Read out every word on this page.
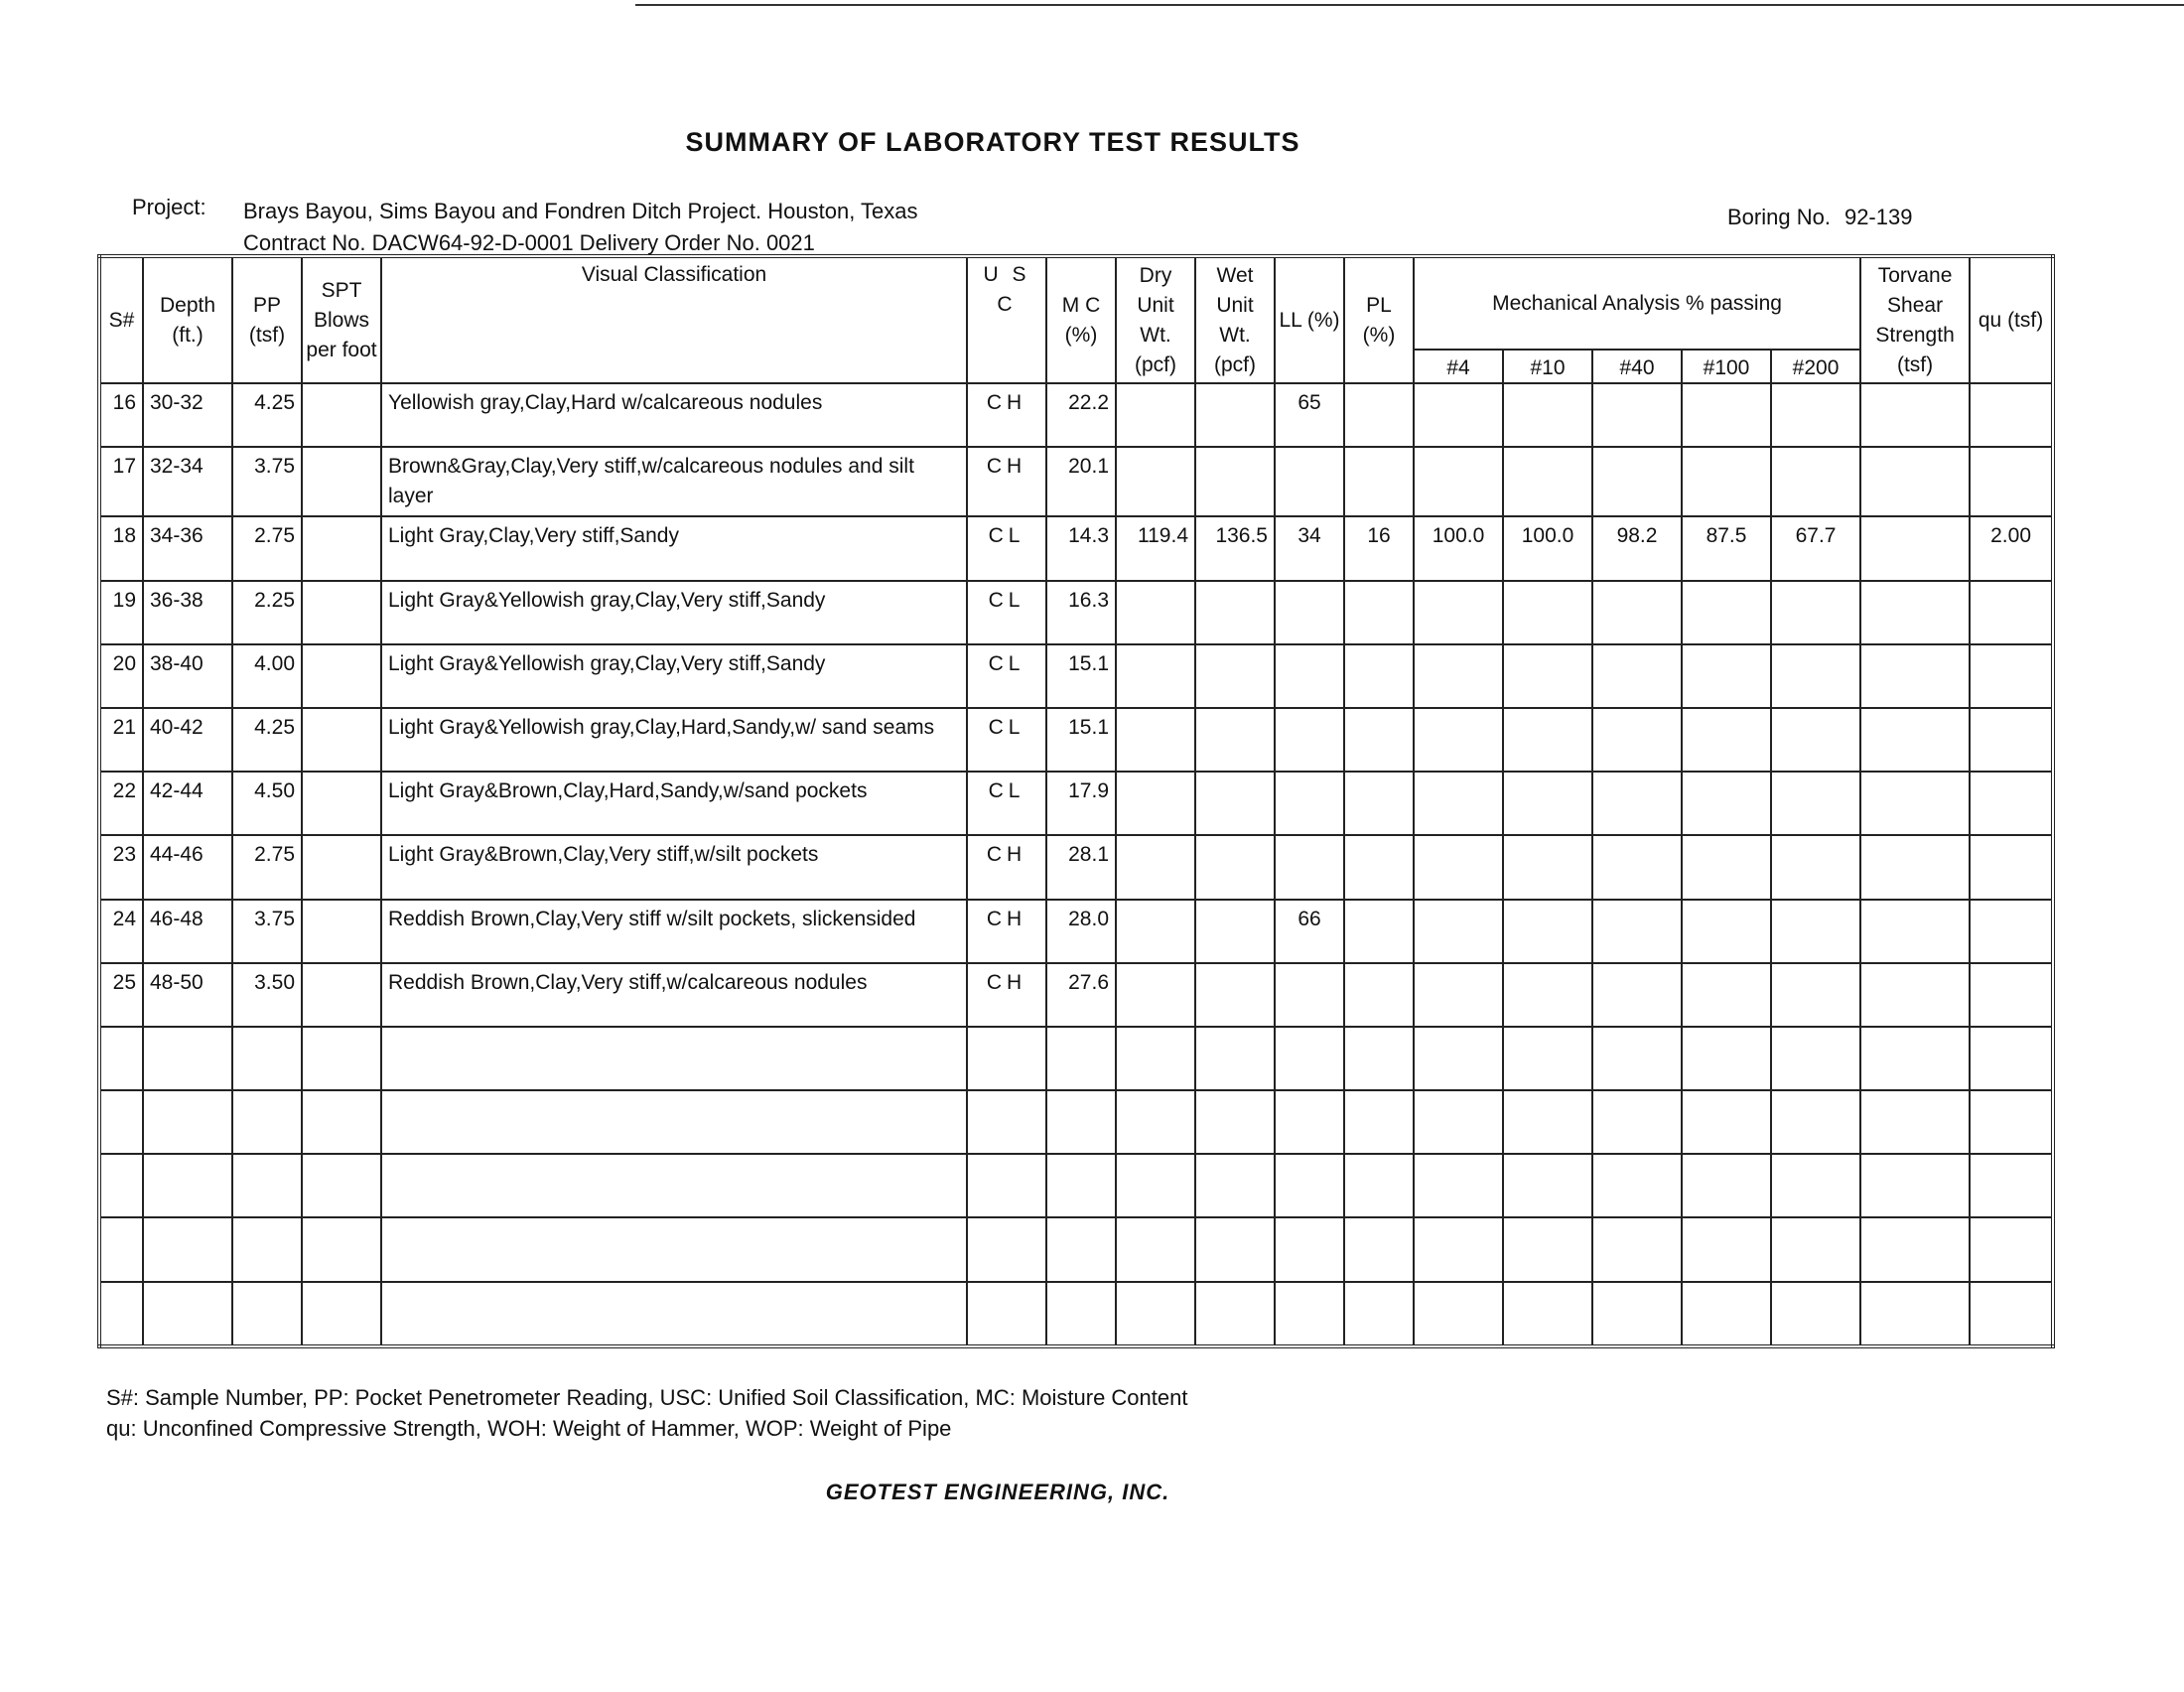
SUMMARY OF LABORATORY TEST RESULTS
Project: Brays Bayou, Sims Bayou and Fondren Ditch Project. Houston, Texas
Contract No. DACW64-92-D-0001 Delivery Order No. 0021
Boring No. 92-139
S#	Depth (ft.)	PP (tsf)	SPT Blows per foot	Visual Classification	U S C	M C (%)	Dry Unit Wt. (pcf)	Wet Unit Wt. (pcf)	LL (%)	PL (%)	Mechanical Analysis % passing					Torvane Shear Strength (tsf)	qu (tsf)
											#4	#10	#40	#100	#200		
16	30-32	4.25		Yellowish gray,Clay,Hard w/calcareous nodules	CH	22.2			65								
17	32-34	3.75		Brown&Gray,Clay,Very stiff,w/calcareous nodules and silt layer	CH	20.1											
18	34-36	2.75		Light Gray,Clay,Very stiff,Sandy	CL	14.3	119.4	136.5	34	16	100.0	100.0	98.2	87.5	67.7		2.00
19	36-38	2.25		Light Gray&Yellowish gray,Clay,Very stiff,Sandy	CL	16.3											
20	38-40	4.00		Light Gray&Yellowish gray,Clay,Very stiff,Sandy	CL	15.1											
21	40-42	4.25		Light Gray&Yellowish gray,Clay,Hard,Sandy,w/ sand seams	CL	15.1											
22	42-44	4.50		Light Gray&Brown,Clay,Hard,Sandy,w/sand pockets	CL	17.9											
23	44-46	2.75		Light Gray&Brown,Clay,Very stiff,w/silt pockets	CH	28.1											
24	46-48	3.75		Reddish Brown,Clay,Very stiff w/silt pockets, slickensided	CH	28.0			66								
25	48-50	3.50		Reddish Brown,Clay,Very stiff,w/calcareous nodules	CH	27.6											

S#: Sample Number, PP: Pocket Penetrometer Reading, USC: Unified Soil Classification, MC: Moisture Content
qu: Unconfined Compressive Strength, WOH: Weight of Hammer, WOP: Weight of Pipe
GEOTEST ENGINEERING, INC.
